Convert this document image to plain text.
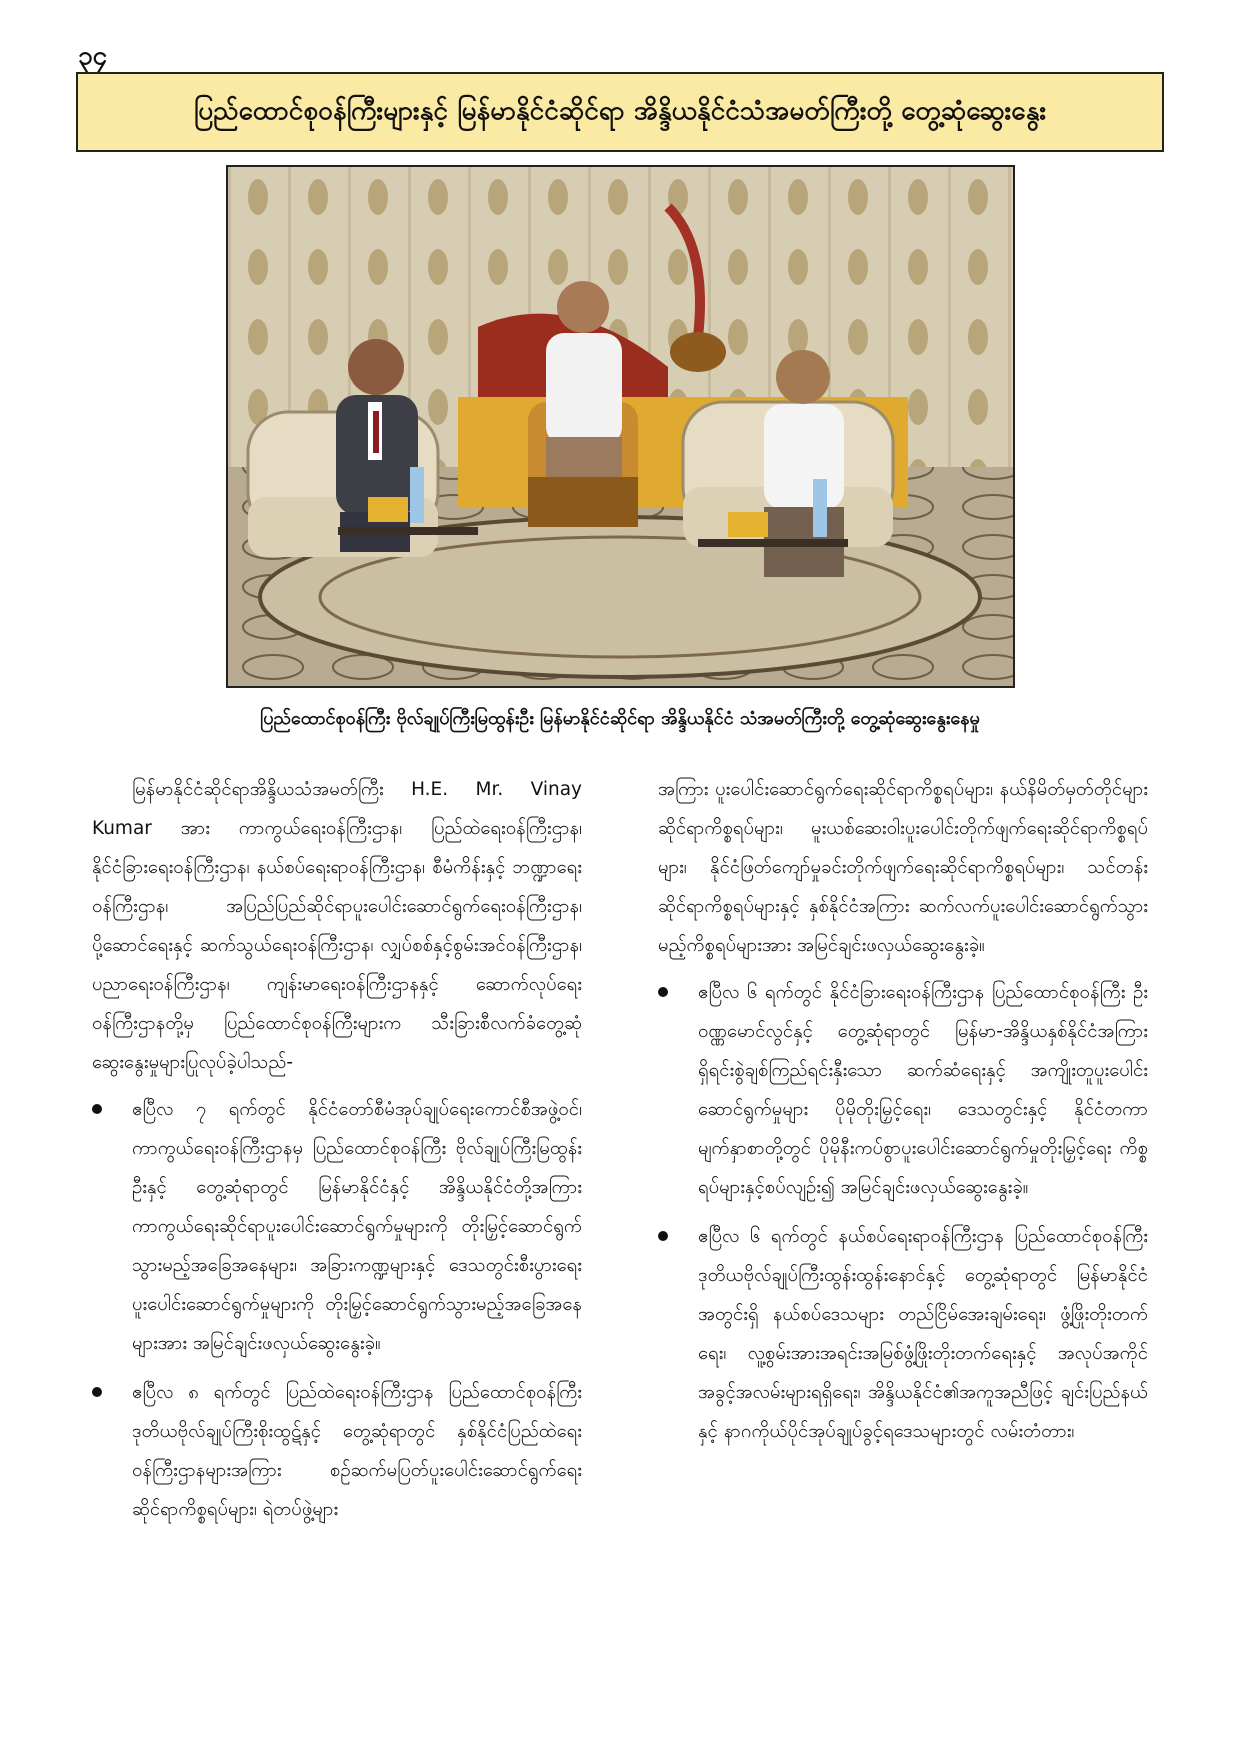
၃၄
ပြည်ထောင်စုဝန်ကြီးများနှင့် မြန်မာနိုင်ငံဆိုင်ရာ အိန္ဒိယနိုင်ငံသံအမတ်ကြီးတို့ တွေ့ဆုံဆွေးနွေး
ပြည်ထောင်စုဝန်ကြီး ဗိုလ်ချုပ်ကြီးမြထွန်းဦး မြန်မာနိုင်ငံဆိုင်ရာ အိန္ဒိယနိုင်ငံ သံအမတ်ကြီးတို့ တွေ့ဆုံဆွေးနွေးနေမှု

မြန်မာနိုင်ငံဆိုင်ရာအိန္ဒိယသံအမတ်ကြီး H.E. Mr. Vinay Kumar အား ကာကွယ်ရေးဝန်ကြီးဌာန၊ ပြည်ထဲရေးဝန်ကြီးဌာန၊ နိုင်ငံခြားရေးဝန်ကြီးဌာန၊ နယ်စပ်ရေးရာဝန်ကြီးဌာန၊ စီမံကိန်းနှင့် ဘဏ္ဍာရေးဝန်ကြီးဌာန၊ အပြည်ပြည်ဆိုင်ရာပူးပေါင်းဆောင်ရွက်ရေးဝန်ကြီးဌာန၊ ပို့ဆောင်ရေးနှင့် ဆက်သွယ်ရေးဝန်ကြီးဌာန၊ လျှပ်စစ်နှင့်စွမ်းအင်ဝန်ကြီးဌာန၊ ပညာရေးဝန်ကြီးဌာန၊ ကျန်းမာရေးဝန်ကြီးဌာနနှင့် ဆောက်လုပ်ရေးဝန်ကြီးဌာနတို့မှ ပြည်ထောင်စုဝန်ကြီးများက သီးခြားစီလက်ခံတွေ့ဆုံဆွေးနွေးမှုများပြုလုပ်ခဲ့ပါသည်-

ဧပြီလ ၇ ရက်တွင် နိုင်ငံတော်စီမံအုပ်ချုပ်ရေးကောင်စီအဖွဲ့ဝင်၊ ကာကွယ်ရေးဝန်ကြီးဌာနမှ ပြည်ထောင်စုဝန်ကြီး ဗိုလ်ချုပ်ကြီးမြထွန်းဦးနှင့် တွေ့ဆုံရာတွင် မြန်မာနိုင်ငံနှင့် အိန္ဒိယနိုင်ငံတို့အကြား ကာကွယ်ရေးဆိုင်ရာပူးပေါင်းဆောင်ရွက်မှုများကို တိုးမြှင့်ဆောင်ရွက်သွားမည့်အခြေအနေများ၊ အခြားကဏ္ဍများနှင့် ဒေသတွင်းစီးပွားရေးပူးပေါင်းဆောင်ရွက်မှုများကို တိုးမြှင့်ဆောင်ရွက်သွားမည့်အခြေအနေများအား အမြင်ချင်းဖလှယ်ဆွေးနွေးခဲ့။
ဧပြီလ ၈ ရက်တွင် ပြည်ထဲရေးဝန်ကြီးဌာန ပြည်ထောင်စုဝန်ကြီး ဒုတိယဗိုလ်ချုပ်ကြီးစိုးထွဋ်နှင့် တွေ့ဆုံရာတွင် နှစ်နိုင်ငံပြည်ထဲရေးဝန်ကြီးဌာနများအကြား စဉ်ဆက်မပြတ်ပူးပေါင်းဆောင်ရွက်ရေးဆိုင်ရာကိစ္စရပ်များ၊ ရဲတပ်ဖွဲ့များ

အကြား ပူးပေါင်းဆောင်ရွက်ရေးဆိုင်ရာကိစ္စရပ်များ၊ နယ်နိမိတ်မှတ်တိုင်များဆိုင်ရာကိစ္စရပ်များ၊ မူးယစ်ဆေးဝါးပူးပေါင်းတိုက်ဖျက်ရေးဆိုင်ရာကိစ္စရပ်များ၊ နိုင်ငံဖြတ်ကျော်မှုခင်းတိုက်ဖျက်ရေးဆိုင်ရာကိစ္စရပ်များ၊ သင်တန်းဆိုင်ရာကိစ္စရပ်များနှင့် နှစ်နိုင်ငံအကြား ဆက်လက်ပူးပေါင်းဆောင်ရွက်သွားမည့်ကိစ္စရပ်များအား အမြင်ချင်းဖလှယ်ဆွေးနွေးခဲ့။

ဧပြီလ ၆ ရက်တွင် နိုင်ငံခြားရေးဝန်ကြီးဌာန ပြည်ထောင်စုဝန်ကြီး ဦးဝဏ္ဏမောင်လွင်နှင့် တွေ့ဆုံရာတွင် မြန်မာ-အိန္ဒိယနှစ်နိုင်ငံအကြား ရှိရင်းစွဲချစ်ကြည်ရင်းနှီးသော ဆက်ဆံရေးနှင့် အကျိုးတူပူးပေါင်းဆောင်ရွက်မှုများ ပိုမိုတိုးမြှင့်ရေး၊ ဒေသတွင်းနှင့် နိုင်ငံတကာမျက်နှာစာတို့တွင် ပိုမိုနီးကပ်စွာပူးပေါင်းဆောင်ရွက်မှုတိုးမြှင့်ရေး ကိစ္စရပ်များနှင့်စပ်လျဉ်း၍ အမြင်ချင်းဖလှယ်ဆွေးနွေးခဲ့။
ဧပြီလ ၆ ရက်တွင် နယ်စပ်ရေးရာဝန်ကြီးဌာန ပြည်ထောင်စုဝန်ကြီး ဒုတိယဗိုလ်ချုပ်ကြီးထွန်းထွန်းနောင်နှင့် တွေ့ဆုံရာတွင် မြန်မာနိုင်ငံအတွင်းရှိ နယ်စပ်ဒေသများ တည်ငြိမ်အေးချမ်းရေး၊ ဖွံ့ဖြိုးတိုးတက်ရေး၊ လူ့စွမ်းအားအရင်းအမြစ်ဖွံ့ဖြိုးတိုးတက်ရေးနှင့် အလုပ်အကိုင်အခွင့်အလမ်းများရရှိရေး၊ အိန္ဒိယနိုင်ငံ၏အကူအညီဖြင့် ချင်းပြည်နယ်နှင့် နာဂကိုယ်ပိုင်အုပ်ချုပ်ခွင့်ရဒေသများတွင် လမ်းတံတား၊
